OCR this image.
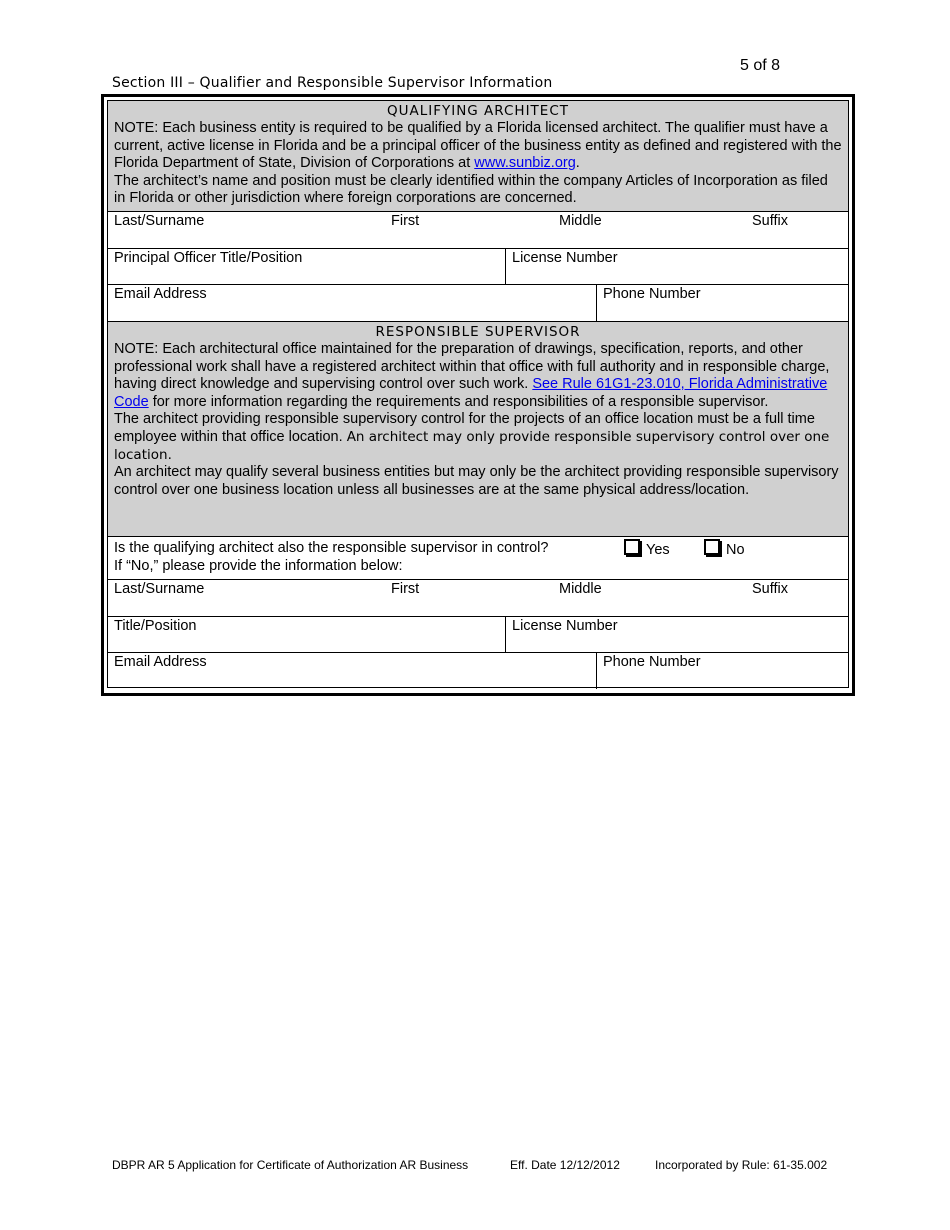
5 of 8
Section III – Qualifier and Responsible Supervisor Information
QUALIFYING ARCHITECT
NOTE: Each business entity is required to be qualified by a Florida licensed architect. The qualifier must have a current, active license in Florida and be a principal officer of the business entity as defined and registered with the Florida Department of State, Division of Corporations at www.sunbiz.org.
The architect’s name and position must be clearly identified within the company Articles of Incorporation as filed in Florida or other jurisdiction where foreign corporations are concerned.
Last/Surname	First	Middle	Suffix
Principal Officer Title/Position	License Number
Email Address	Phone Number
RESPONSIBLE SUPERVISOR
NOTE: Each architectural office maintained for the preparation of drawings, specification, reports, and other professional work shall have a registered architect within that office with full authority and in responsible charge, having direct knowledge and supervising control over such work. See Rule 61G1-23.010, Florida Administrative Code for more information regarding the requirements and responsibilities of a responsible supervisor.
The architect providing responsible supervisory control for the projects of an office location must be a full time employee within that office location. An architect may only provide responsible supervisory control over one location.
An architect may qualify several business entities but may only be the architect providing responsible supervisory control over one business location unless all businesses are at the same physical address/location.
Is the qualifying architect also the responsible supervisor in control?	Yes	No
If “No,” please provide the information below:
Last/Surname	First	Middle	Suffix
Title/Position	License Number
Email Address	Phone Number
DBPR AR 5 Application for Certificate of Authorization AR Business	Eff. Date 12/12/2012	Incorporated by Rule: 61-35.002
